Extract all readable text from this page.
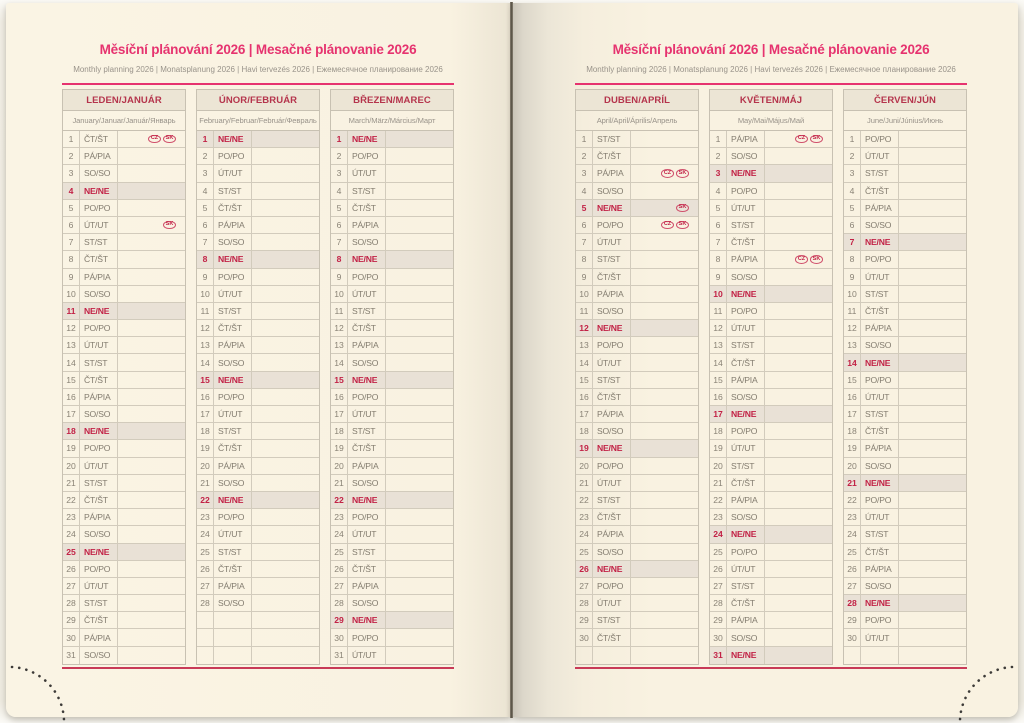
Měsíční plánování 2026 | Mesačné plánovanie 2026
Monthly planning 2026 | Monatsplanung 2026 | Havi tervezés 2026 | Ежемесячное планирование 2026
LEDEN/JANUÁR
January/Januar/Január/Январь
1	ČT/ŠT	CZ	SK
2	PÁ/PIA
3	SO/SO
4	NE/NE
5	PO/PO
6	ÚT/UT	SK
7	ST/ST
8	ČT/ŠT
9	PÁ/PIA
10 SO/SO
11 NE/NE
12 PO/PO
13 ÚT/UT
14 ST/ST
15 ČT/ŠT
16 PÁ/PIA
17 SO/SO
18 NE/NE
19 PO/PO
20 ÚT/UT
21 ST/ST
22 ČT/ŠT
23 PÁ/PIA
24 SO/SO
25 NE/NE
26 PO/PO
27 ÚT/UT
28 ST/ST
29 ČT/ŠT
30 PÁ/PIA
31 SO/SO
ÚNOR/FEBRUÁR
February/Februar/Február/Февраль
1	NE/NE
2	PO/PO
3	ÚT/UT
4	ST/ST
5	ČT/ŠT
6	PÁ/PIA
7	SO/SO
8	NE/NE
9	PO/PO
10 ÚT/UT
11 ST/ST
12 ČT/ŠT
13 PÁ/PIA
14 SO/SO
15 NE/NE
16 PO/PO
17 ÚT/UT
18 ST/ST
19 ČT/ŠT
20 PÁ/PIA
21 SO/SO
22 NE/NE
23 PO/PO
24 ÚT/UT
25 ST/ST
26 ČT/ŠT
27 PÁ/PIA
28 SO/SO
BŘEZEN/MAREC
March/März/Március/Март
1	NE/NE
2	PO/PO
3	ÚT/UT
4	ST/ST
5	ČT/ŠT
6	PÁ/PIA
7	SO/SO
8	NE/NE
9	PO/PO
10 ÚT/UT
11 ST/ST
12 ČT/ŠT
13 PÁ/PIA
14 SO/SO
15 NE/NE
16 PO/PO
17 ÚT/UT
18 ST/ST
19 ČT/ŠT
20 PÁ/PIA
21 SO/SO
22 NE/NE
23 PO/PO
24 ÚT/UT
25 ST/ST
26 ČT/ŠT
27 PÁ/PIA
28 SO/SO
29 NE/NE
30 PO/PO
31 ÚT/UT
Měsíční plánování 2026 | Mesačné plánovanie 2026
Monthly planning 2026 | Monatsplanung 2026 | Havi tervezés 2026 | Ежемесячное планирование 2026
DUBEN/APRÍL
April/April/Április/Апрель
1	ST/ST
2	ČT/ŠT
3	PÁ/PIA	CZ	SK
4	SO/SO
5	NE/NE	SK
6	PO/PO	CZ	SK
7	ÚT/UT
8	ST/ST
9	ČT/ŠT
10 PÁ/PIA
11 SO/SO
12 NE/NE
13 PO/PO
14 ÚT/UT
15 ST/ST
16 ČT/ŠT
17 PÁ/PIA
18 SO/SO
19 NE/NE
20 PO/PO
21 ÚT/UT
22 ST/ST
23 ČT/ŠT
24 PÁ/PIA
25 SO/SO
26 NE/NE
27 PO/PO
28 ÚT/UT
29 ST/ST
30 ČT/ŠT
KVĚTEN/MÁJ
May/Mai/Május/Май
1	PÁ/PIA	CZ	SK
2	SO/SO
3	NE/NE
4	PO/PO
5	ÚT/UT
6	ST/ST
7	ČT/ŠT
8	PÁ/PIA	CZ	SK
9	SO/SO
10 NE/NE
11 PO/PO
12 ÚT/UT
13 ST/ST
14 ČT/ŠT
15 PÁ/PIA
16 SO/SO
17 NE/NE
18 PO/PO
19 ÚT/UT
20 ST/ST
21 ČT/ŠT
22 PÁ/PIA
23 SO/SO
24 NE/NE
25 PO/PO
26 ÚT/UT
27 ST/ST
28 ČT/ŠT
29 PÁ/PIA
30 SO/SO
31 NE/NE
ČERVEN/JÚN
June/Juni/Június/Июнь
1	PO/PO
2	ÚT/UT
3	ST/ST
4	ČT/ŠT
5	PÁ/PIA
6	SO/SO
7	NE/NE
8	PO/PO
9	ÚT/UT
10 ST/ST
11 ČT/ŠT
12 PÁ/PIA
13 SO/SO
14 NE/NE
15 PO/PO
16 ÚT/UT
17 ST/ST
18 ČT/ŠT
19 PÁ/PIA
20 SO/SO
21 NE/NE
22 PO/PO
23 ÚT/UT
24 ST/ST
25 ČT/ŠT
26 PÁ/PIA
27 SO/SO
28 NE/NE
29 PO/PO
30 ÚT/UT
